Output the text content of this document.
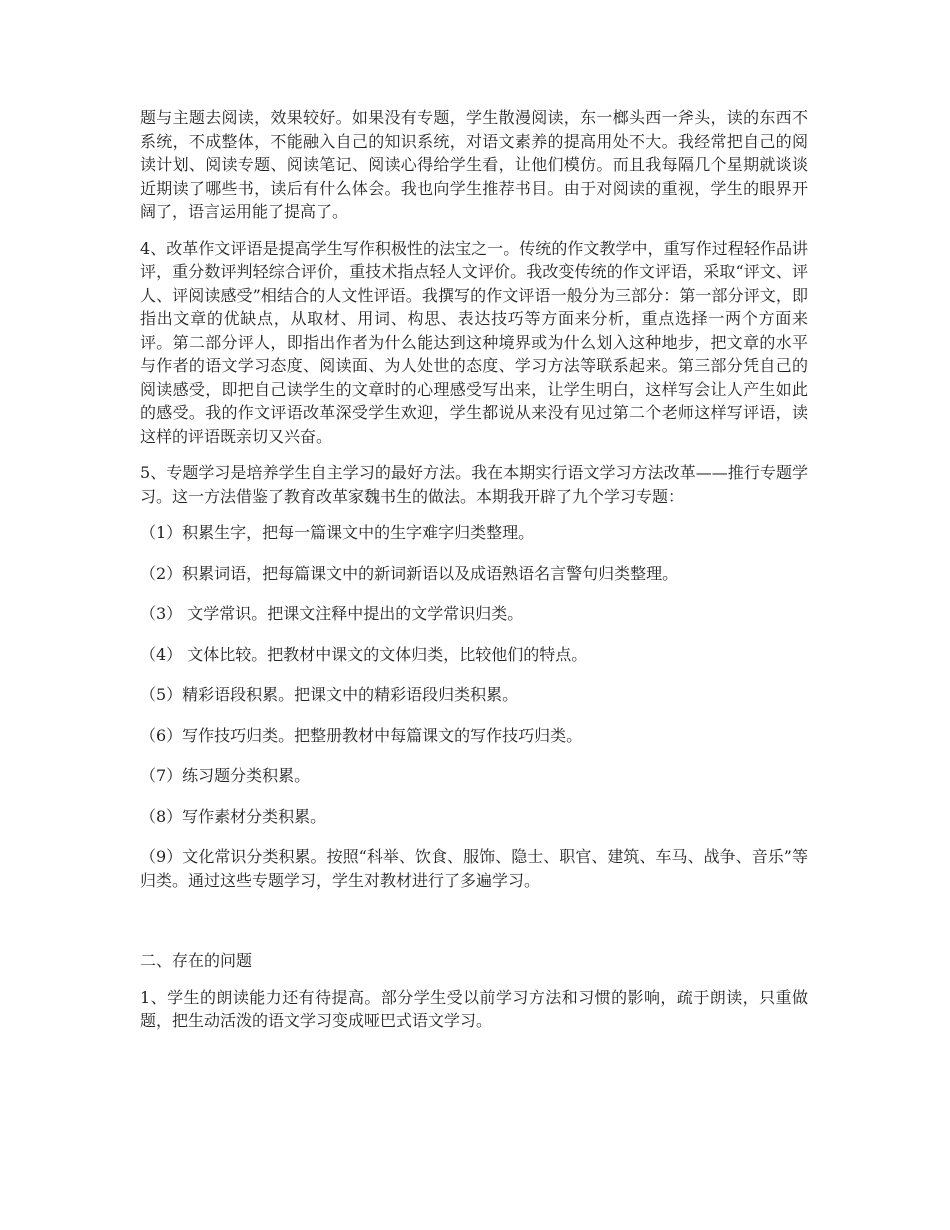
题与主题去阅读，效果较好。如果没有专题，学生散漫阅读，东一榔头西一斧头，读的东西不系统，不成整体，不能融入自己的知识系统，对语文素养的提高用处不大。我经常把自己的阅读计划、阅读专题、阅读笔记、阅读心得给学生看，让他们模仿。而且我每隔几个星期就谈谈近期读了哪些书，读后有什么体会。我也向学生推荐书目。由于对阅读的重视，学生的眼界开阔了，语言运用能了提高了。

4、改革作文评语是提高学生写作积极性的法宝之一。传统的作文教学中，重写作过程轻作品讲评，重分数评判轻综合评价，重技术指点轻人文评价。我改变传统的作文评语，采取“评文、评人、评阅读感受”相结合的人文性评语。我撰写的作文评语一般分为三部分：第一部分评文，即指出文章的优缺点，从取材、用词、构思、表达技巧等方面来分析，重点选择一两个方面来评。第二部分评人，即指出作者为什么能达到这种境界或为什么划入这种地步，把文章的水平与作者的语文学习态度、阅读面、为人处世的态度、学习方法等联系起来。第三部分凭自己的阅读感受，即把自己读学生的文章时的心理感受写出来，让学生明白，这样写会让人产生如此的感受。我的作文评语改革深受学生欢迎，学生都说从来没有见过第二个老师这样写评语，读这样的评语既亲切又兴奋。

5、专题学习是培养学生自主学习的最好方法。我在本期实行语文学习方法改革——推行专题学习。这一方法借鉴了教育改革家魏书生的做法。本期我开辟了九个学习专题：

（1）积累生字，把每一篇课文中的生字难字归类整理。

（2）积累词语，把每篇课文中的新词新语以及成语熟语名言警句归类整理。

（3） 文学常识。把课文注释中提出的文学常识归类。

（4） 文体比较。把教材中课文的文体归类，比较他们的特点。

（5）精彩语段积累。把课文中的精彩语段归类积累。

（6）写作技巧归类。把整册教材中每篇课文的写作技巧归类。

（7）练习题分类积累。

（8）写作素材分类积累。

（9）文化常识分类积累。按照“科举、饮食、服饰、隐士、职官、建筑、车马、战争、音乐”等归类。通过这些专题学习，学生对教材进行了多遍学习。

二、存在的问题

1、学生的朗读能力还有待提高。部分学生受以前学习方法和习惯的影响，疏于朗读，只重做题，把生动活泼的语文学习变成哑巴式语文学习。
